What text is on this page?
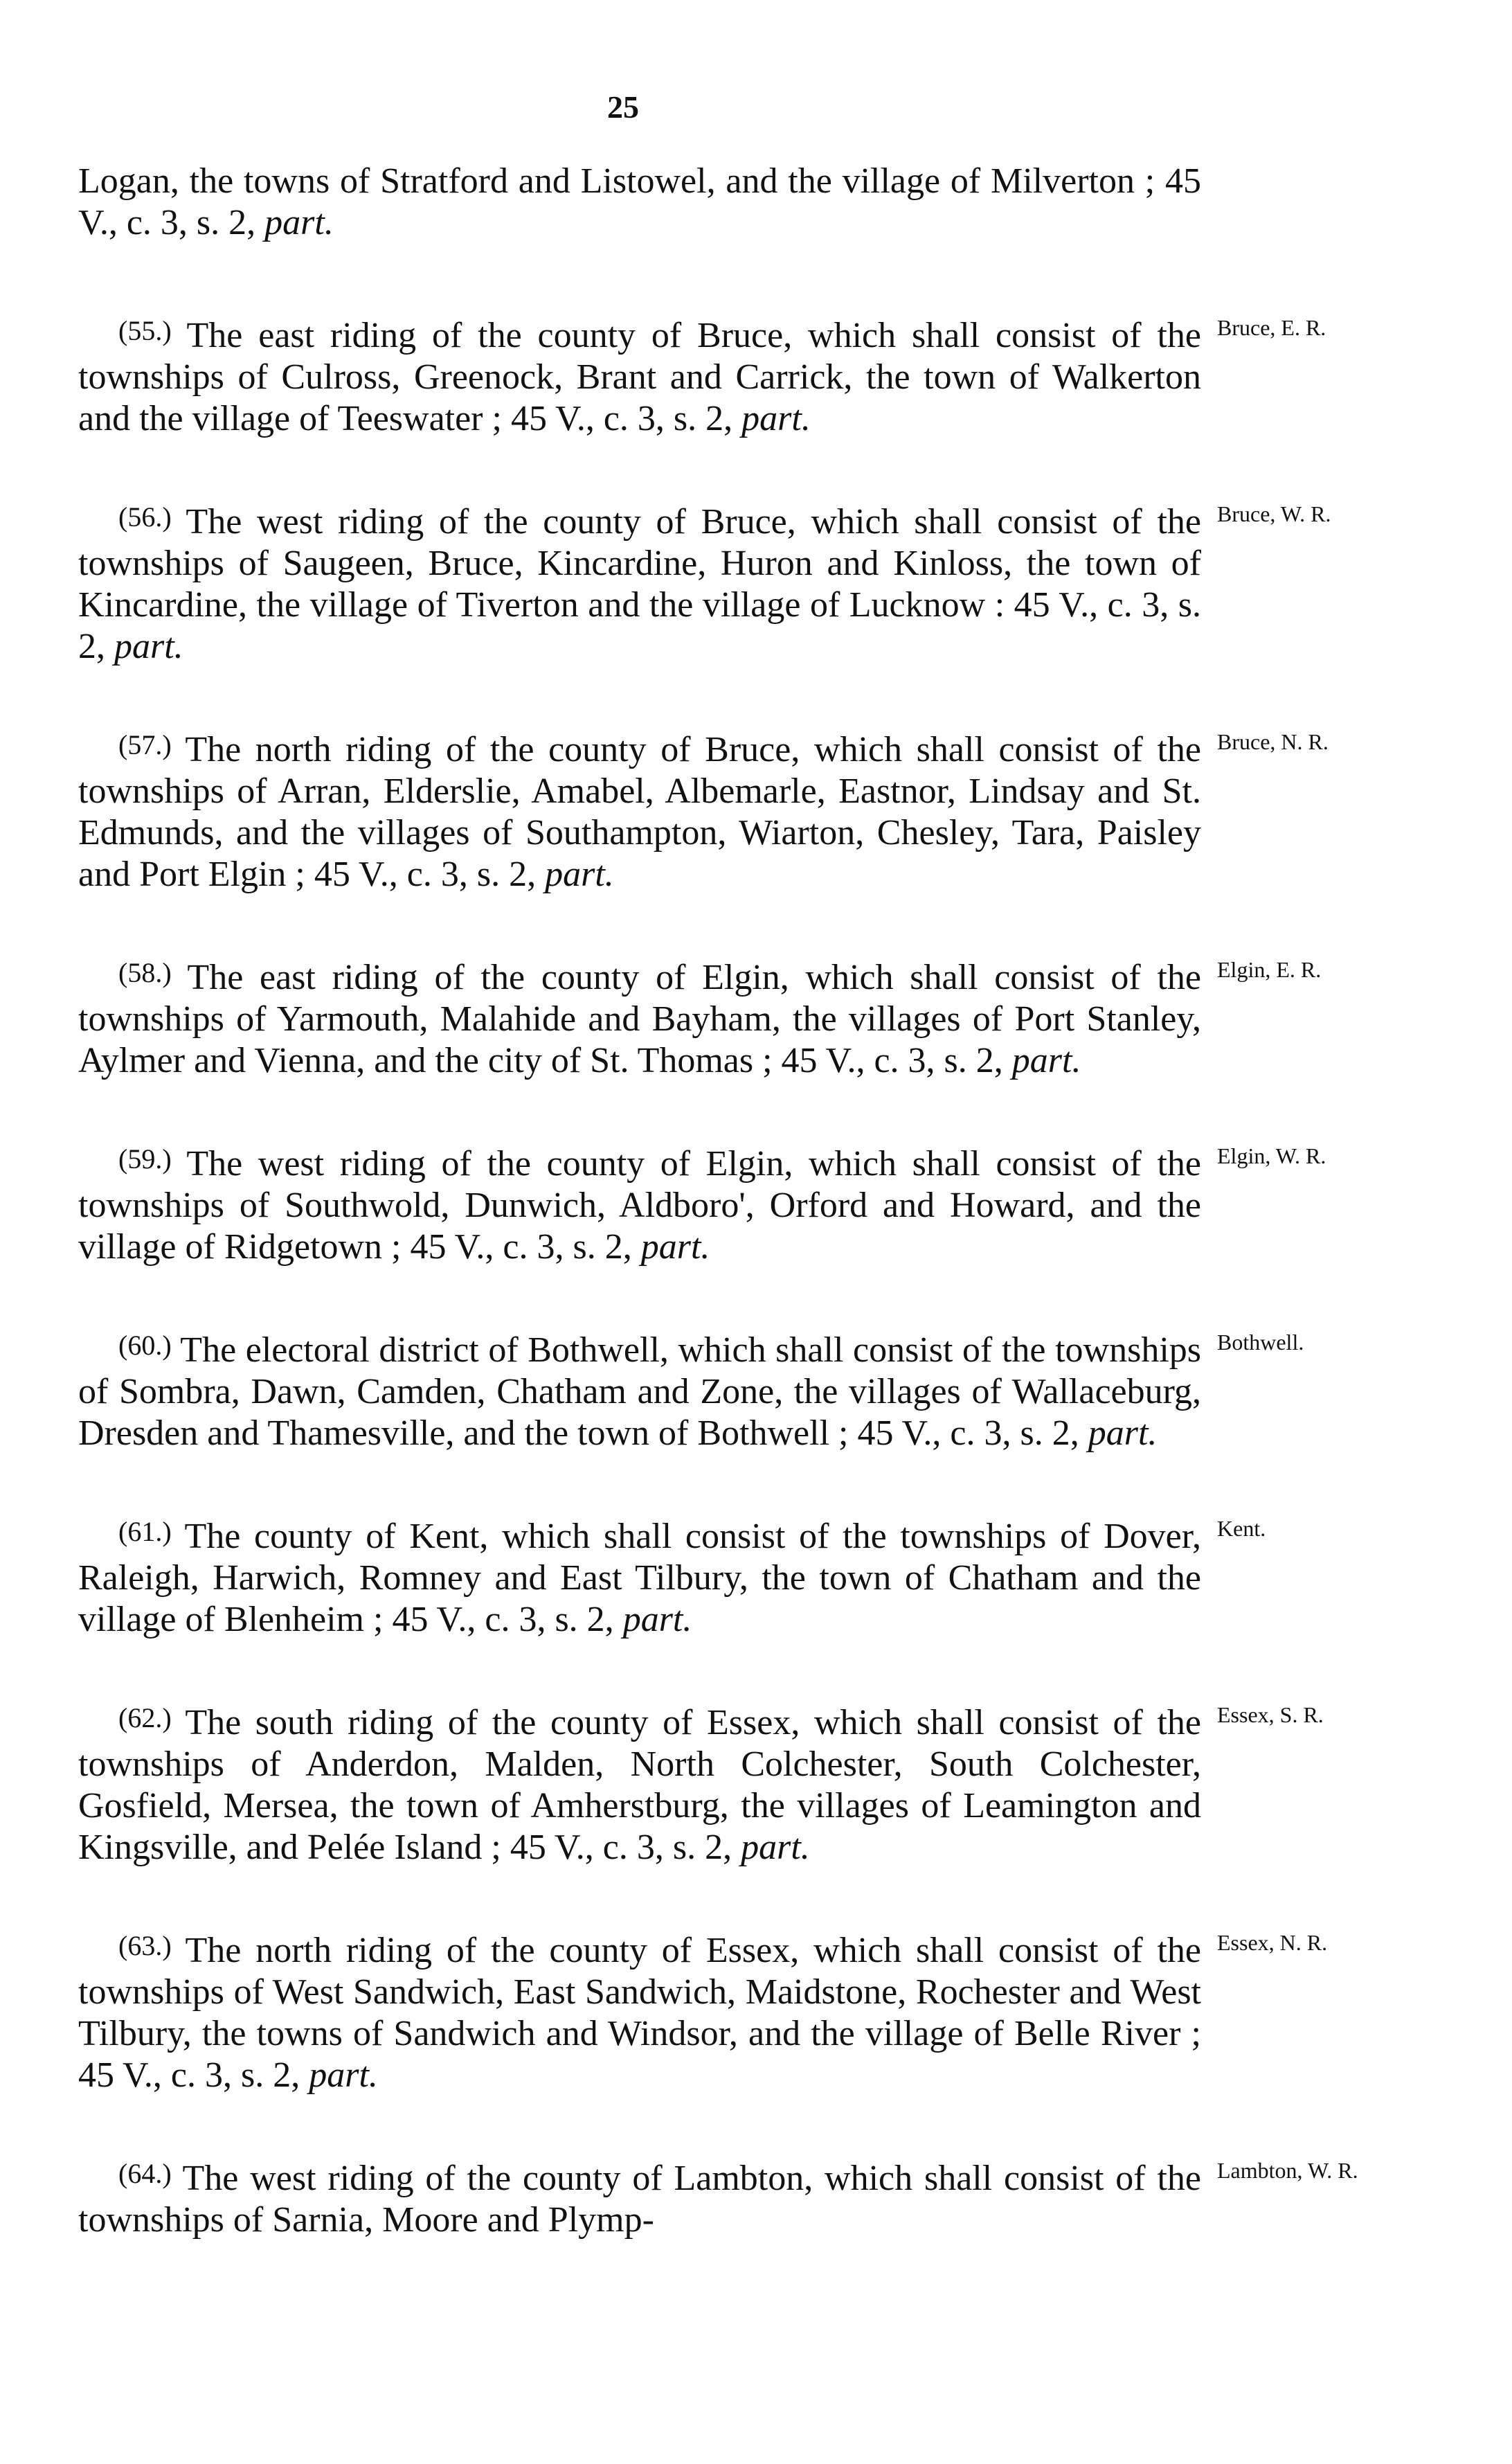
25

Logan, the towns of Stratford and Listowel, and the village of Milverton ; 45 V., c. 3, s. 2, part.

(55.) The east riding of the county of Bruce, which shall consist of the townships of Culross, Greenock, Brant and Carrick, the town of Walkerton and the village of Teeswater ; 45 V., c. 3, s. 2, part.

Bruce, E. R.

(56.) The west riding of the county of Bruce, which shall consist of the townships of Saugeen, Bruce, Kincardine, Huron and Kinloss, the town of Kincardine, the village of Tiverton and the village of Lucknow : 45 V., c. 3, s. 2, part.

Bruce, W. R.

(57.) The north riding of the county of Bruce, which shall consist of the townships of Arran, Elderslie, Amabel, Albemarle, Eastnor, Lindsay and St. Edmunds, and the villages of Southampton, Wiarton, Chesley, Tara, Paisley and Port Elgin ; 45 V., c. 3, s. 2, part.

Bruce, N. R.

(58.) The east riding of the county of Elgin, which shall consist of the townships of Yarmouth, Malahide and Bayham, the villages of Port Stanley, Aylmer and Vienna, and the city of St. Thomas ; 45 V., c. 3, s. 2, part.

Elgin, E. R.

(59.) The west riding of the county of Elgin, which shall consist of the townships of Southwold, Dunwich, Aldboro', Orford and Howard, and the village of Ridgetown ; 45 V., c. 3, s. 2, part.

Elgin, W. R.

(60.) The electoral district of Bothwell, which shall consist of the townships of Sombra, Dawn, Camden, Chatham and Zone, the villages of Wallaceburg, Dresden and Thamesville, and the town of Bothwell ; 45 V., c. 3, s. 2, part.

Bothwell.

(61.) The county of Kent, which shall consist of the townships of Dover, Raleigh, Harwich, Romney and East Tilbury, the town of Chatham and the village of Blenheim ; 45 V., c. 3, s. 2, part.

Kent.

(62.) The south riding of the county of Essex, which shall consist of the townships of Anderdon, Malden, North Colchester, South Colchester, Gosfield, Mersea, the town of Amherstburg, the villages of Leamington and Kingsville, and Pelée Island ; 45 V., c. 3, s. 2, part.

Essex, S. R.

(63.) The north riding of the county of Essex, which shall consist of the townships of West Sandwich, East Sandwich, Maidstone, Rochester and West Tilbury, the towns of Sandwich and Windsor, and the village of Belle River ; 45 V., c. 3, s. 2, part.

Essex, N. R.

(64.) The west riding of the county of Lambton, which shall consist of the townships of Sarnia, Moore and Plymp-

Lambton, W. R.
